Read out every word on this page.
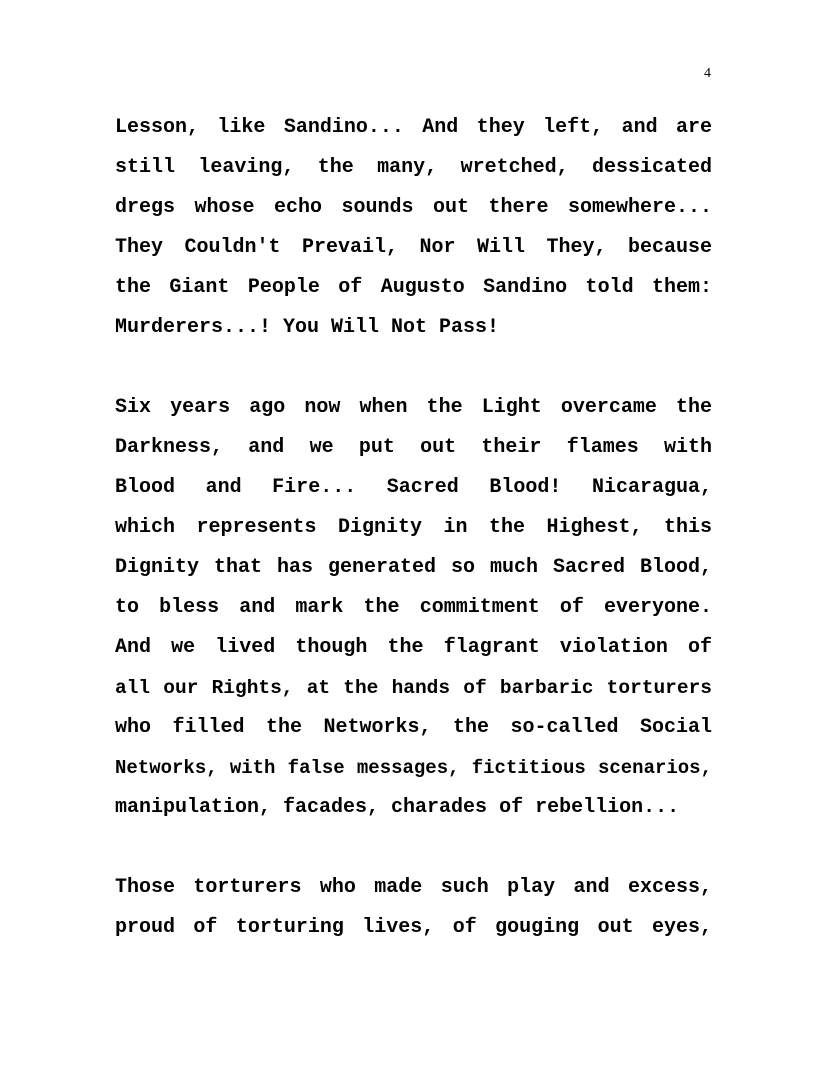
4
Lesson, like Sandino... And they left, and are
still leaving, the many, wretched, dessicated
dregs whose echo sounds out there somewhere...
They Couldn't Prevail, Nor Will They, because
the Giant People of Augusto Sandino told them:
Murderers...! You Will Not Pass!
Six years ago now when the Light overcame the
Darkness, and we put out their flames with
Blood and Fire... Sacred Blood! Nicaragua,
which represents Dignity in the Highest, this
Dignity that has generated so much Sacred Blood,
to bless and mark the commitment of everyone.
And we lived though the flagrant violation of
all our Rights, at the hands of barbaric torturers
who filled the Networks, the so-called Social
Networks, with false messages, fictitious scenarios,
manipulation, facades, charades of rebellion...
Those torturers who made such play and excess,
proud of torturing lives, of gouging out eyes,
